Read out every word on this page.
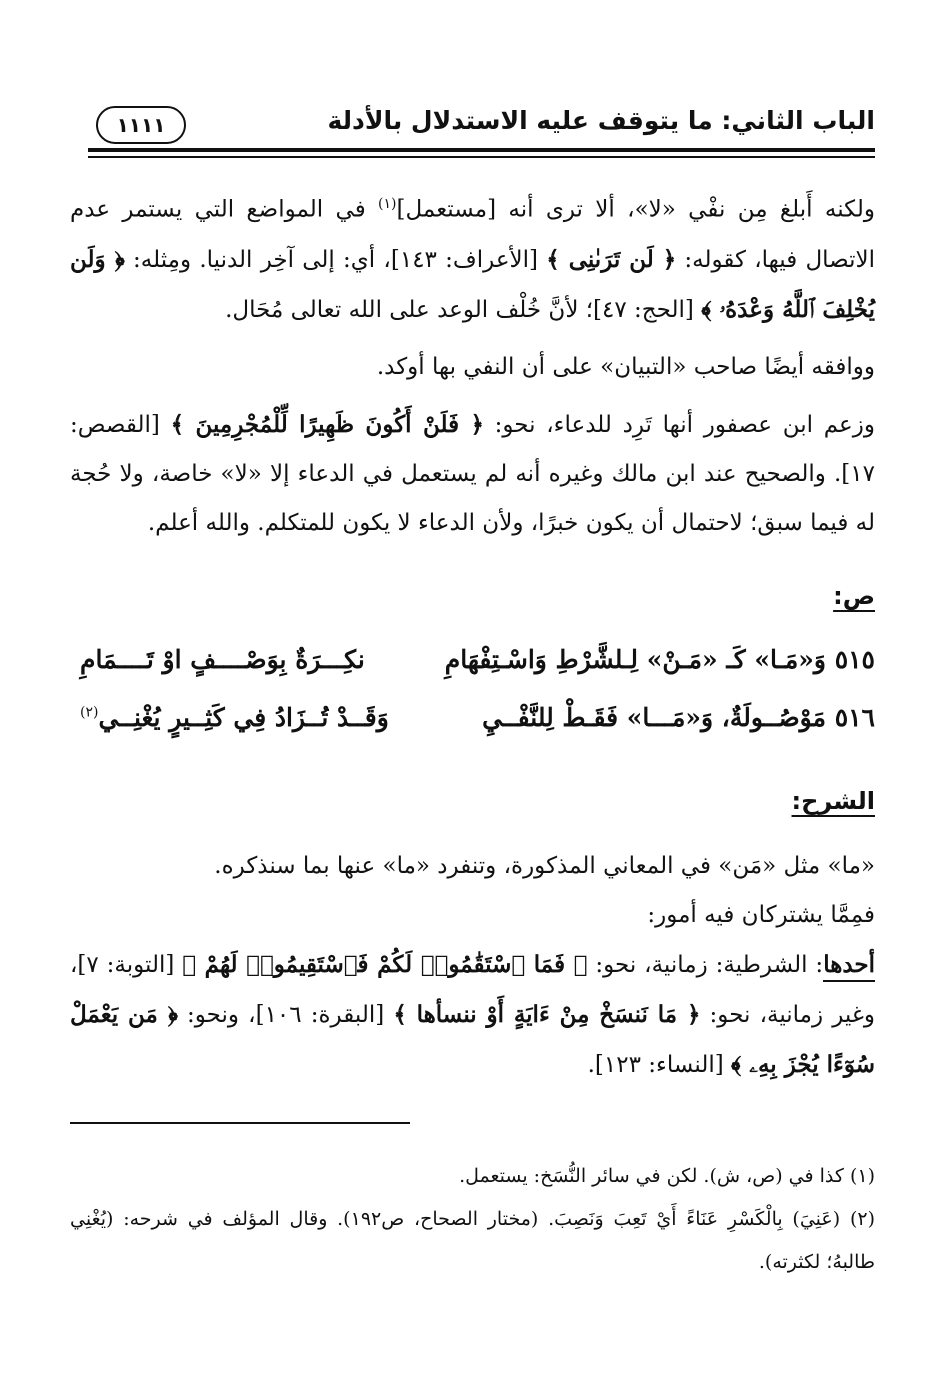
الباب الثاني: ما يتوقف عليه الاستدلال بالأدلة
١١١١

ولكنه أَبلغ مِن نفْي «لا»، ألا ترى أنه [مستعمل]$^{(١)}$ في المواضع التي يستمر عدم الاتصال فيها، كقوله: ﴿ لَن تَرَىٰنِى ﴾ [الأعراف: ١٤٣]، أي: إلى آخِر الدنيا. ومِثله: ﴿ وَلَن يُخْلِفَ ٱللَّهُ وَعْدَهُۥ ﴾ [الحج: ٤٧]؛ لأنَّ خُلْف الوعد على الله تعالى مُحَال.

ووافقه أيضًا صاحب «التبيان» على أن النفي بها أوكد.

وزعم ابن عصفور أنها تَرِد للدعاء، نحو: ﴿ فَلَنْ أَكُونَ ظَهِيرًا لِّلْمُجْرِمِينَ ﴾ [القصص: ١٧]. والصحيح عند ابن مالك وغيره أنه لم يستعمل في الدعاء إلا «لا» خاصة، ولا حُجة له فيما سبق؛ لاحتمال أن يكون خبرًا، ولأن الدعاء لا يكون للمتكلم. والله أعلم.

ص:
٥١٥ وَ«مَـا» كَـ «مَـنْ» لِـلشَّرْطِ وَاسْـتِفْهَامِ
نكِـــرَةٌ بِوَصْــــفٍ اوْ تَــــمَامِ
٥١٦ مَوْصُــولَةٌ، وَ«مَـــا» فَقَـطْ لِلنَّفْــيِ
وَقَــدْ تُــزَادُ فِي كَثِــيرٍ يُغْنِــي$^{(٢)}$
الشرح:

«ما» مثل «مَن» في المعاني المذكورة، وتنفرد «ما» عنها بما سنذكره.

فمِمَّا يشتركان فيه أمور:

أحدها: الشرطية: زمانية، نحو: ﴿ فَمَا ٱسْتَقَٰمُوا۟ لَكُمْ فَٱسْتَقِيمُوا۟ لَهُمْ ﴾ [التوبة: ٧]، وغير زمانية، نحو: ﴿ مَا نَنسَخْ مِنْ ءَايَةٍ أَوْ ننسأها ﴾ [البقرة: ١٠٦]، ونحو: ﴿ مَن يَعْمَلْ سُوٓءًا يُجْزَ بِهِۦ ﴾ [النساء: ١٢٣].

(١) كذا في (ص، ش). لكن في سائر النُّسَخ: يستعمل.

(٢) (عَنِيَ) بِالْكَسْرِ عَنَاءً أَيْ تَعِبَ وَنَصِبَ. (مختار الصحاح، ص١٩٢). وقال المؤلف في شرحه: (يُغْنِي طالبهُ؛ لكثرته).
